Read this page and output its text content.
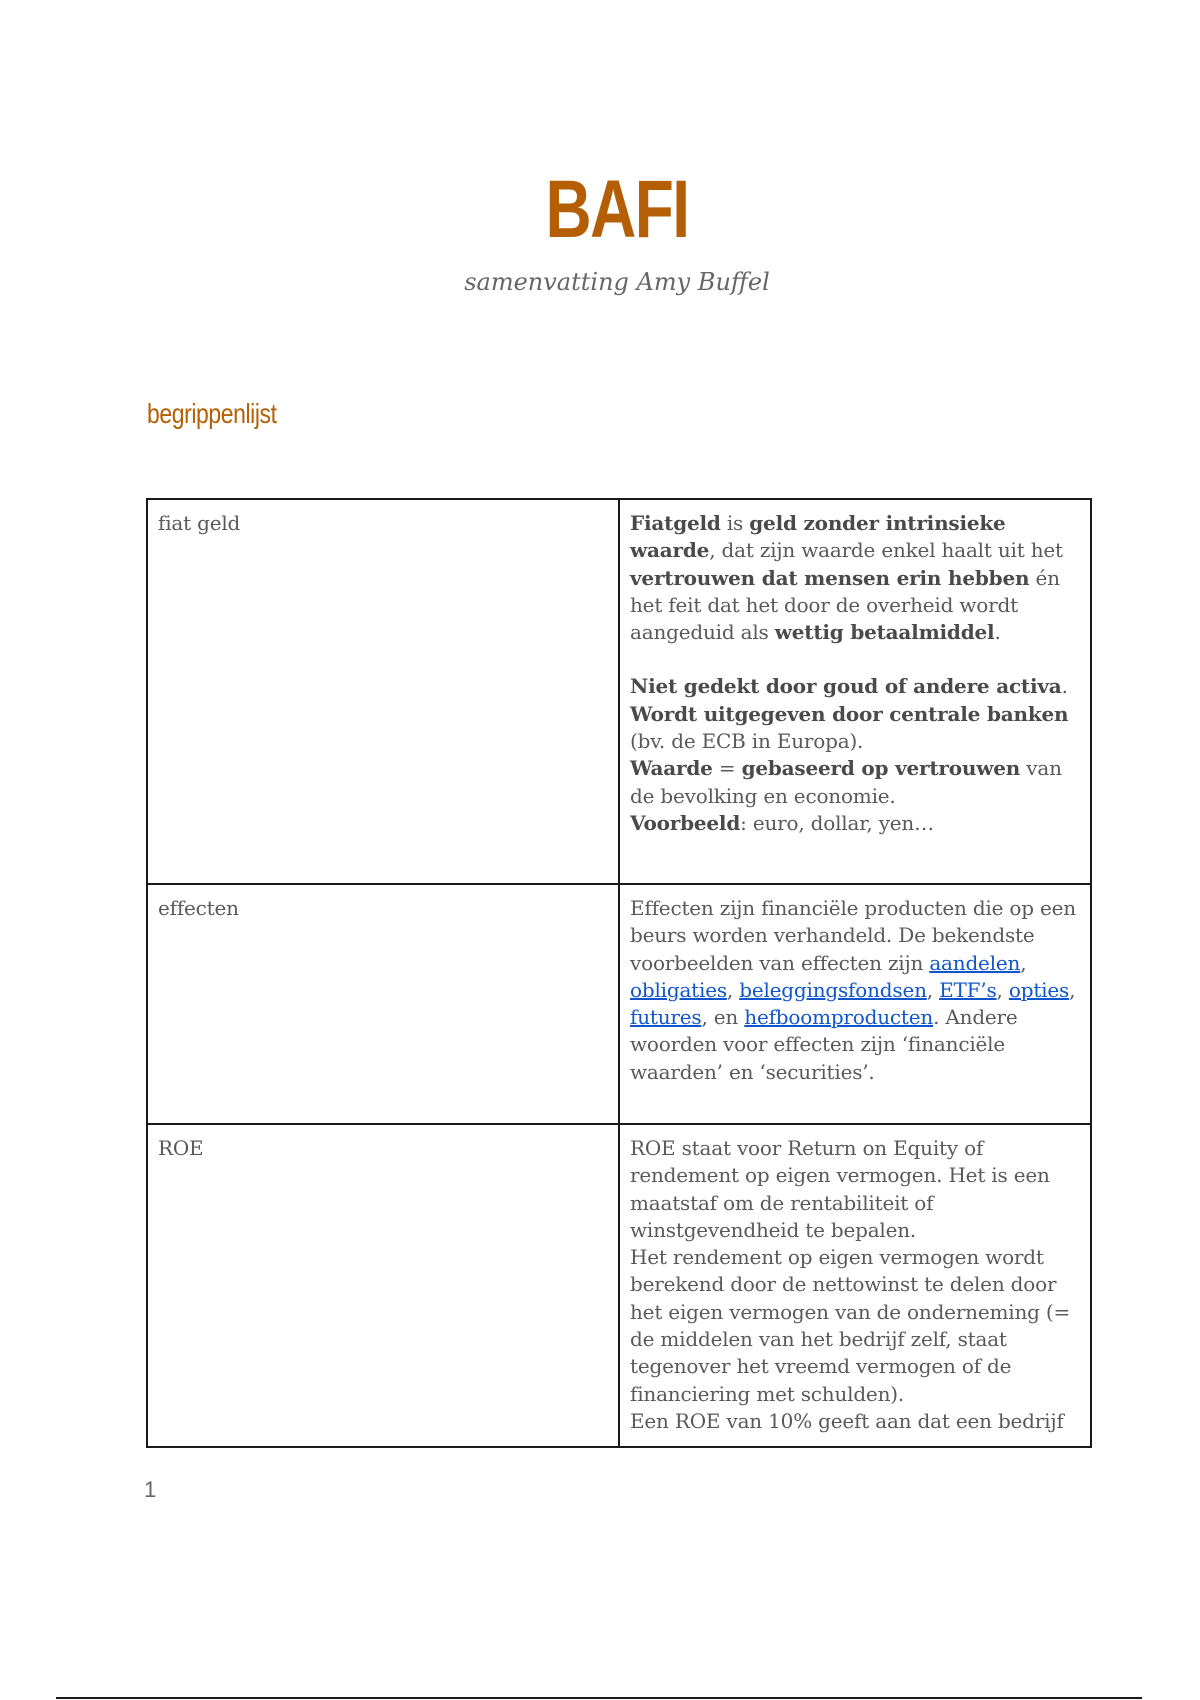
BAFI
samenvatting Amy Buffel
begrippenlijst
fiat geld	Fiatgeld is geld zonder intrinsieke waarde, dat zijn waarde enkel haalt uit het vertrouwen dat mensen erin hebben én het feit dat het door de overheid wordt aangeduid als wettig betaalmiddel.
Niet gedekt door goud of andere activa.
Wordt uitgegeven door centrale banken (bv. de ECB in Europa).
Waarde = gebaseerd op vertrouwen van de bevolking en economie.
Voorbeeld: euro, dollar, yen…

effecten	Effecten zijn financiële producten die op een beurs worden verhandeld. De bekendste voorbeelden van effecten zijn aandelen, obligaties, beleggingsfondsen, ETF’s, opties, futures, en hefboomproducten. Andere woorden voor effecten zijn ‘financiële waarden’ en ‘securities’.

ROE	ROE staat voor Return on Equity of rendement op eigen vermogen. Het is een maatstaf om de rentabiliteit of winstgevendheid te bepalen.
Het rendement op eigen vermogen wordt berekend door de nettowinst te delen door het eigen vermogen van de onderneming (= de middelen van het bedrijf zelf, staat tegenover het vreemd vermogen of de financiering met schulden).
Een ROE van 10% geeft aan dat een bedrijf
1
